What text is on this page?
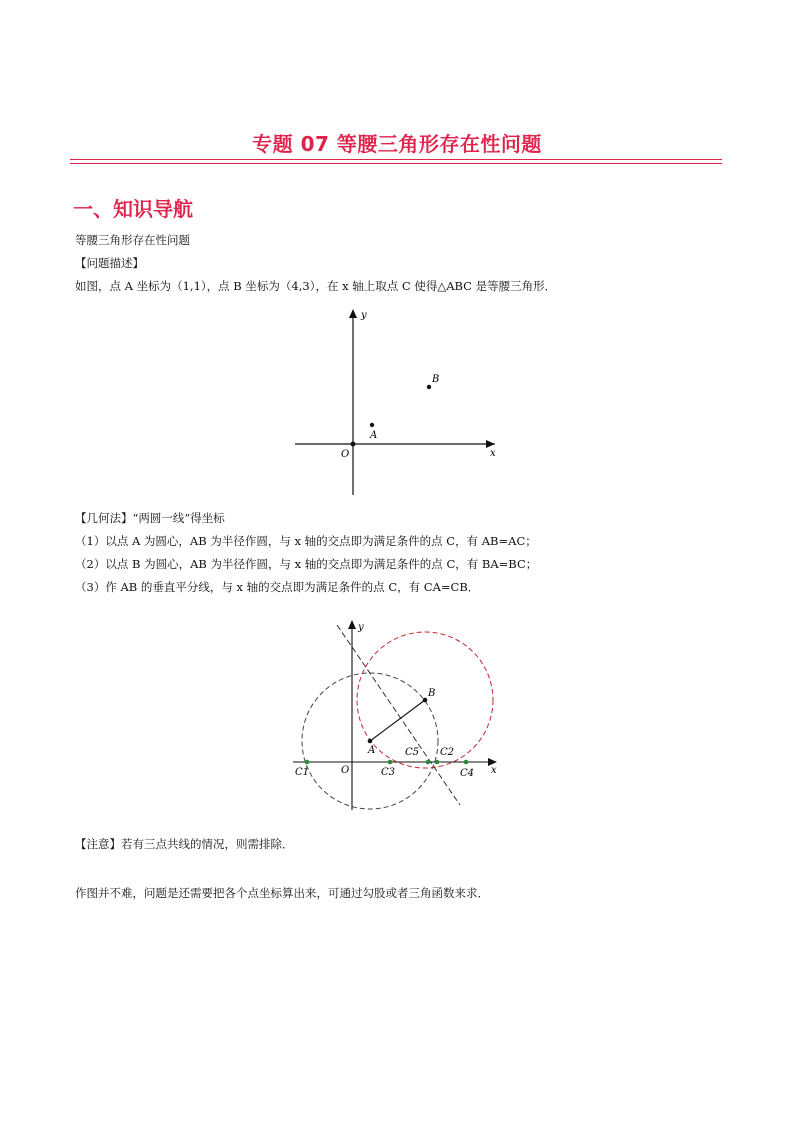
专题 07 等腰三角形存在性问题
一、知识导航
等腰三角形存在性问题
【问题描述】
如图，点 A 坐标为（1,1），点 B 坐标为（4,3），在 x 轴上取点 C 使得△ABC 是等腰三角形．
x
y
O
A
B
【几何法】“两圆一线”得坐标
（1）以点 A 为圆心，AB 为半径作圆，与 x 轴的交点即为满足条件的点 C，有 AB=AC；
（2）以点 B 为圆心，AB 为半径作圆，与 x 轴的交点即为满足条件的点 C，有 BA=BC；
（3）作 AB 的垂直平分线，与 x 轴的交点即为满足条件的点 C，有 CA=CB．
x
y
O
A
B
C1	C3
C5 C2
C4
【注意】若有三点共线的情况，则需排除．
作图并不难，问题是还需要把各个点坐标算出来，可通过勾股或者三角函数来求．
